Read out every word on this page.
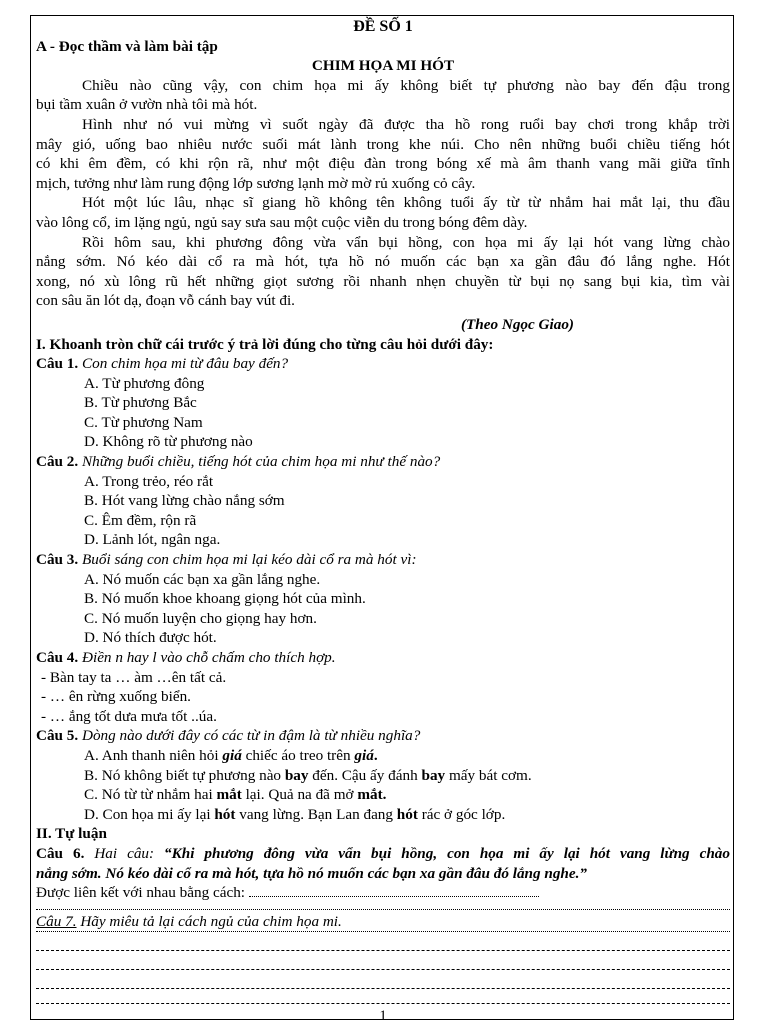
ĐỀ SỐ 1
A - Đọc thầm và làm bài tập
CHIM HỌA MI HÓT
Chiều nào cũng vậy, con chim họa mi ấy không biết tự phương nào bay đến đậu trong
bụi tầm xuân ở vườn nhà tôi mà hót.
Hình như nó vui mừng vì suốt ngày đã được tha hồ rong ruổi bay chơi trong khắp trời
mây gió, uống bao nhiêu nước suối mát lành trong khe núi. Cho nên những buổi chiều tiếng hót
có khi êm đềm, có khi rộn rã, như một điệu đàn trong bóng xế mà âm thanh vang mãi giữa tĩnh
mịch, tưởng như làm rung động lớp sương lạnh mờ mờ rủ xuống cỏ cây.
Hót một lúc lâu, nhạc sĩ giang hồ không tên không tuổi ấy từ từ nhắm hai mắt lại, thu đầu
vào lông cổ, im lặng ngủ, ngủ say sưa sau một cuộc viễn du trong bóng đêm dày.
Rồi hôm sau, khi phương đông vừa vẩn bụi hồng, con họa mi ấy lại hót vang lừng chào
nắng sớm. Nó kéo dài cổ ra mà hót, tựa hồ nó muốn các bạn xa gần đâu đó lắng nghe. Hót
xong, nó xù lông rũ hết những giọt sương rồi nhanh nhẹn chuyền từ bụi nọ sang bụi kia, tìm vài
con sâu ăn lót dạ, đoạn vỗ cánh bay vút đi.
(Theo Ngọc Giao)
I. Khoanh tròn chữ cái trước ý trả lời đúng cho từng câu hỏi dưới đây:
Câu 1. Con chim họa mi từ đâu bay đến?
A. Từ phương đông
B. Từ phương Bắc
C. Từ phương Nam
D. Không rõ từ phương nào
Câu 2. Những buổi chiều, tiếng hót của chim họa mi như thế nào?
A. Trong trẻo, réo rắt
B. Hót vang lừng chào nắng sớm
C. Êm đềm, rộn rã
D. Lảnh lót, ngân nga.
Câu 3. Buổi sáng con chim họa mi lại kéo dài cổ ra mà hót vì:
A. Nó muốn các bạn xa gần lắng nghe.
B. Nó muốn khoe khoang giọng hót của mình.
C. Nó muốn luyện cho giọng hay hơn.
D. Nó thích được hót.
Câu 4. Điền n hay l vào chỗ chấm cho thích hợp.
- Bàn tay ta … àm …ên tất cả.
- … ên rừng xuống biển.
- … ắng tốt dưa mưa tốt ..úa.
Câu 5. Dòng nào dưới đây có các từ in đậm là từ nhiều nghĩa?
A. Anh thanh niên hỏi giá chiếc áo treo trên giá.
B. Nó không biết tự phương nào bay đến. Cậu ấy đánh bay mấy bát cơm.
C. Nó từ từ nhắm hai mắt lại. Quả na đã mở mắt.
D. Con họa mi ấy lại hót vang lừng. Bạn Lan đang hót rác ở góc lớp.
II. Tự luận
Câu 6. Hai câu: “Khi phương đông vừa vẩn bụi hồng, con họa mi ấy lại hót vang lừng chào
nắng sớm. Nó kéo dài cổ ra mà hót, tựa hồ nó muốn các bạn xa gần đâu đó lắng nghe.”
Được liên kết với nhau bằng cách:
Câu 7. Hãy miêu tả lại cách ngủ của chim họa mi.
1
